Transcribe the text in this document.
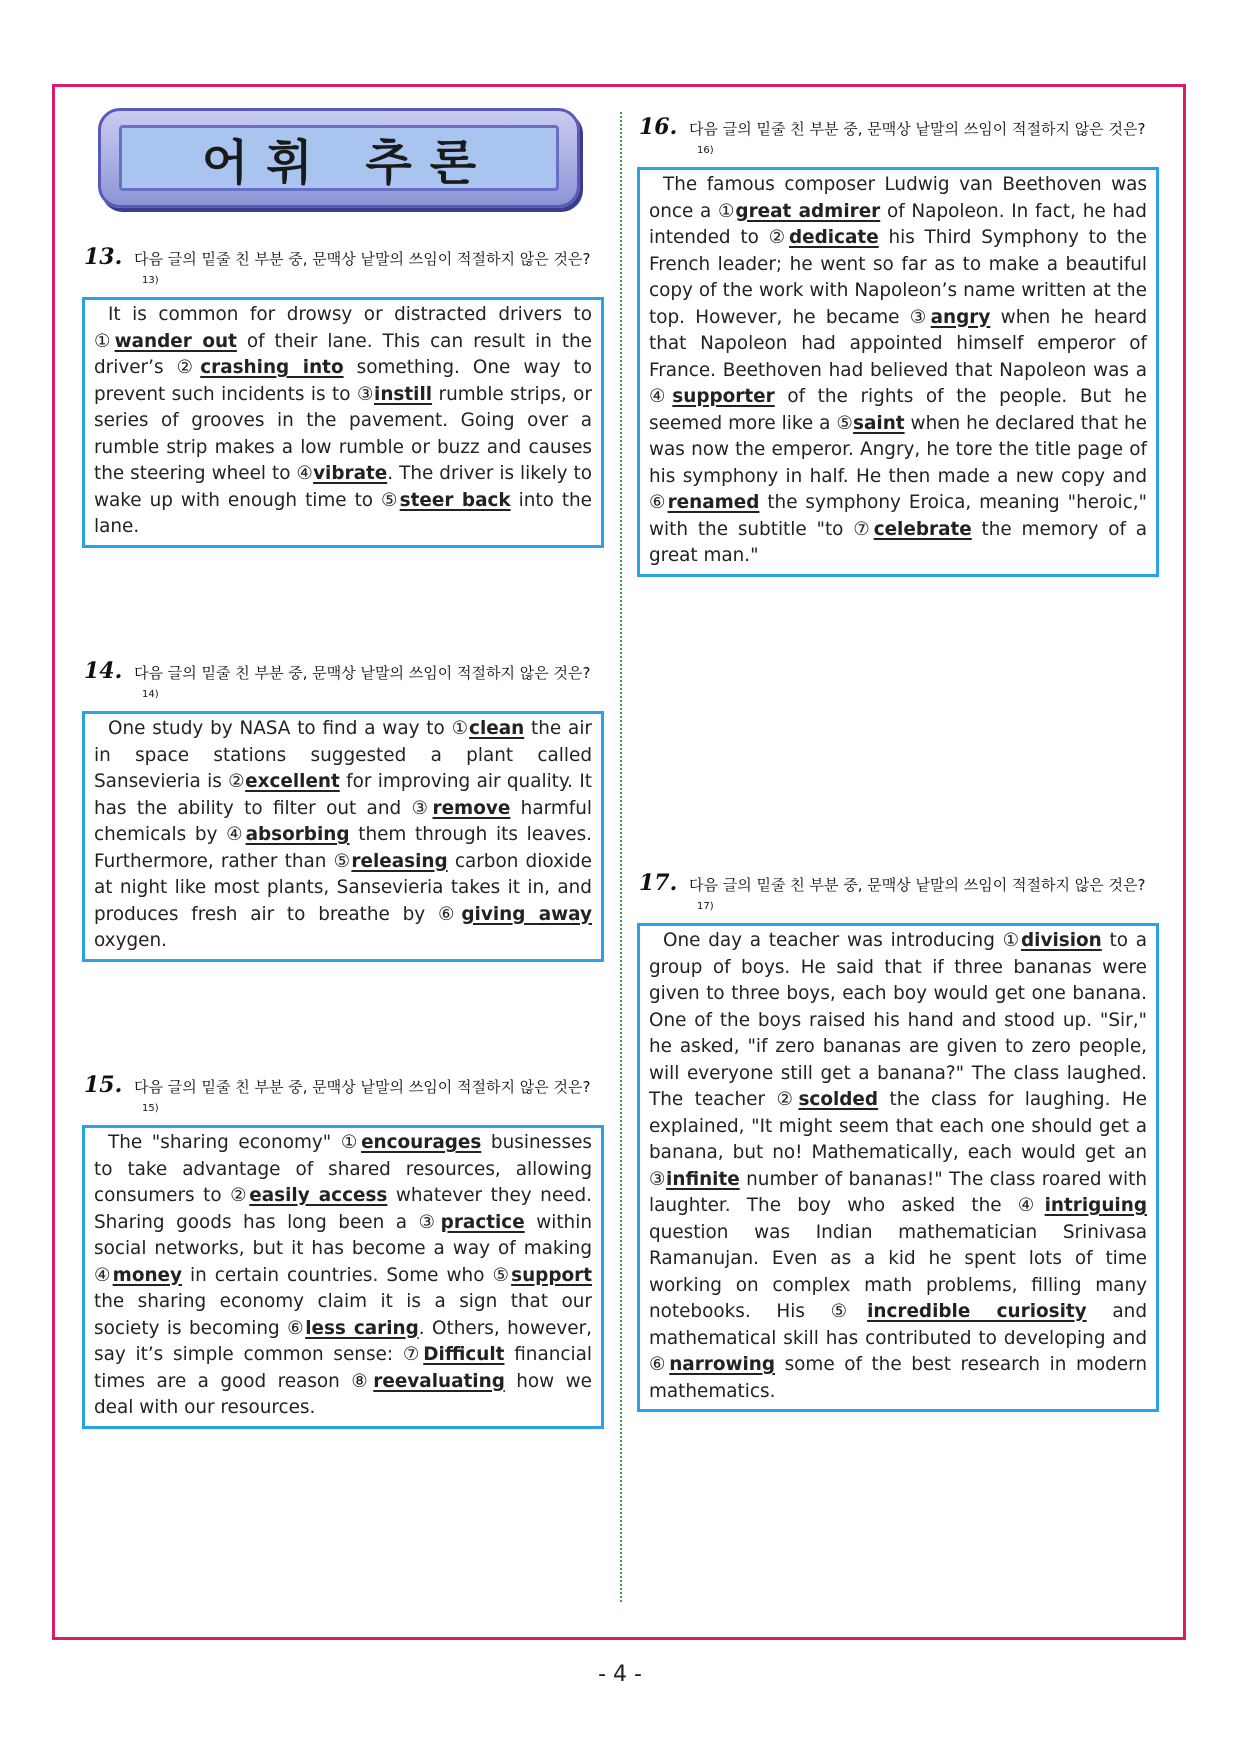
어휘 추론
13. 다음 글의 밑줄 친 부분 중, 문맥상 낱말의 쓰임이 적절하지 않은 것은?$^{13)}$

It is common for drowsy or distracted drivers to ①wander out of their lane. This can result in the driver’s ②crashing into something. One way to prevent such incidents is to ③instill rumble strips, or series of grooves in the pavement. Going over a rumble strip makes a low rumble or buzz and causes the steering wheel to ④vibrate. The driver is likely to wake up with enough time to ⑤steer back into the lane.

14. 다음 글의 밑줄 친 부분 중, 문맥상 낱말의 쓰임이 적절하지 않은 것은?$^{14)}$

One study by NASA to find a way to ①clean the air in space stations suggested a plant called Sansevieria is ②excellent for improving air quality. It has the ability to filter out and ③remove harmful chemicals by ④absorbing them through its leaves. Furthermore, rather than ⑤releasing carbon dioxide at night like most plants, Sansevieria takes it in, and produces fresh air to breathe by ⑥giving away oxygen.

15. 다음 글의 밑줄 친 부분 중, 문맥상 낱말의 쓰임이 적절하지 않은 것은?$^{15)}$

The "sharing economy" ①encourages businesses to take advantage of shared resources, allowing consumers to ②easily access whatever they need. Sharing goods has long been a ③practice within social networks, but it has become a way of making ④money in certain countries. Some who ⑤support the sharing economy claim it is a sign that our society is becoming ⑥less caring. Others, however, say it’s simple common sense: ⑦Difficult financial times are a good reason ⑧reevaluating how we deal with our resources.

16. 다음 글의 밑줄 친 부분 중, 문맥상 낱말의 쓰임이 적절하지 않은 것은?$^{16)}$

The famous composer Ludwig van Beethoven was once a ①great admirer of Napoleon. In fact, he had intended to ②dedicate his Third Symphony to the French leader; he went so far as to make a beautiful copy of the work with Napoleon’s name written at the top. However, he became ③angry when he heard that Napoleon had appointed himself emperor of France. Beethoven had believed that Napoleon was a ④supporter of the rights of the people. But he seemed more like a ⑤saint when he declared that he was now the emperor. Angry, he tore the title page of his symphony in half. He then made a new copy and ⑥renamed the symphony Eroica, meaning "heroic," with the subtitle "to ⑦celebrate the memory of a great man."

17. 다음 글의 밑줄 친 부분 중, 문맥상 낱말의 쓰임이 적절하지 않은 것은?$^{17)}$

One day a teacher was introducing ①division to a group of boys. He said that if three bananas were given to three boys, each boy would get one banana. One of the boys raised his hand and stood up. "Sir," he asked, "if zero bananas are given to zero people, will everyone still get a banana?" The class laughed. The teacher ②scolded the class for laughing. He explained, "It might seem that each one should get a banana, but no! Mathematically, each would get an ③infinite number of bananas!" The class roared with laughter. The boy who asked the ④intriguing question was Indian mathematician Srinivasa Ramanujan. Even as a kid he spent lots of time working on complex math problems, filling many notebooks. His ⑤incredible curiosity and mathematical skill has contributed to developing and ⑥narrowing some of the best research in modern mathematics.

- 4 -
